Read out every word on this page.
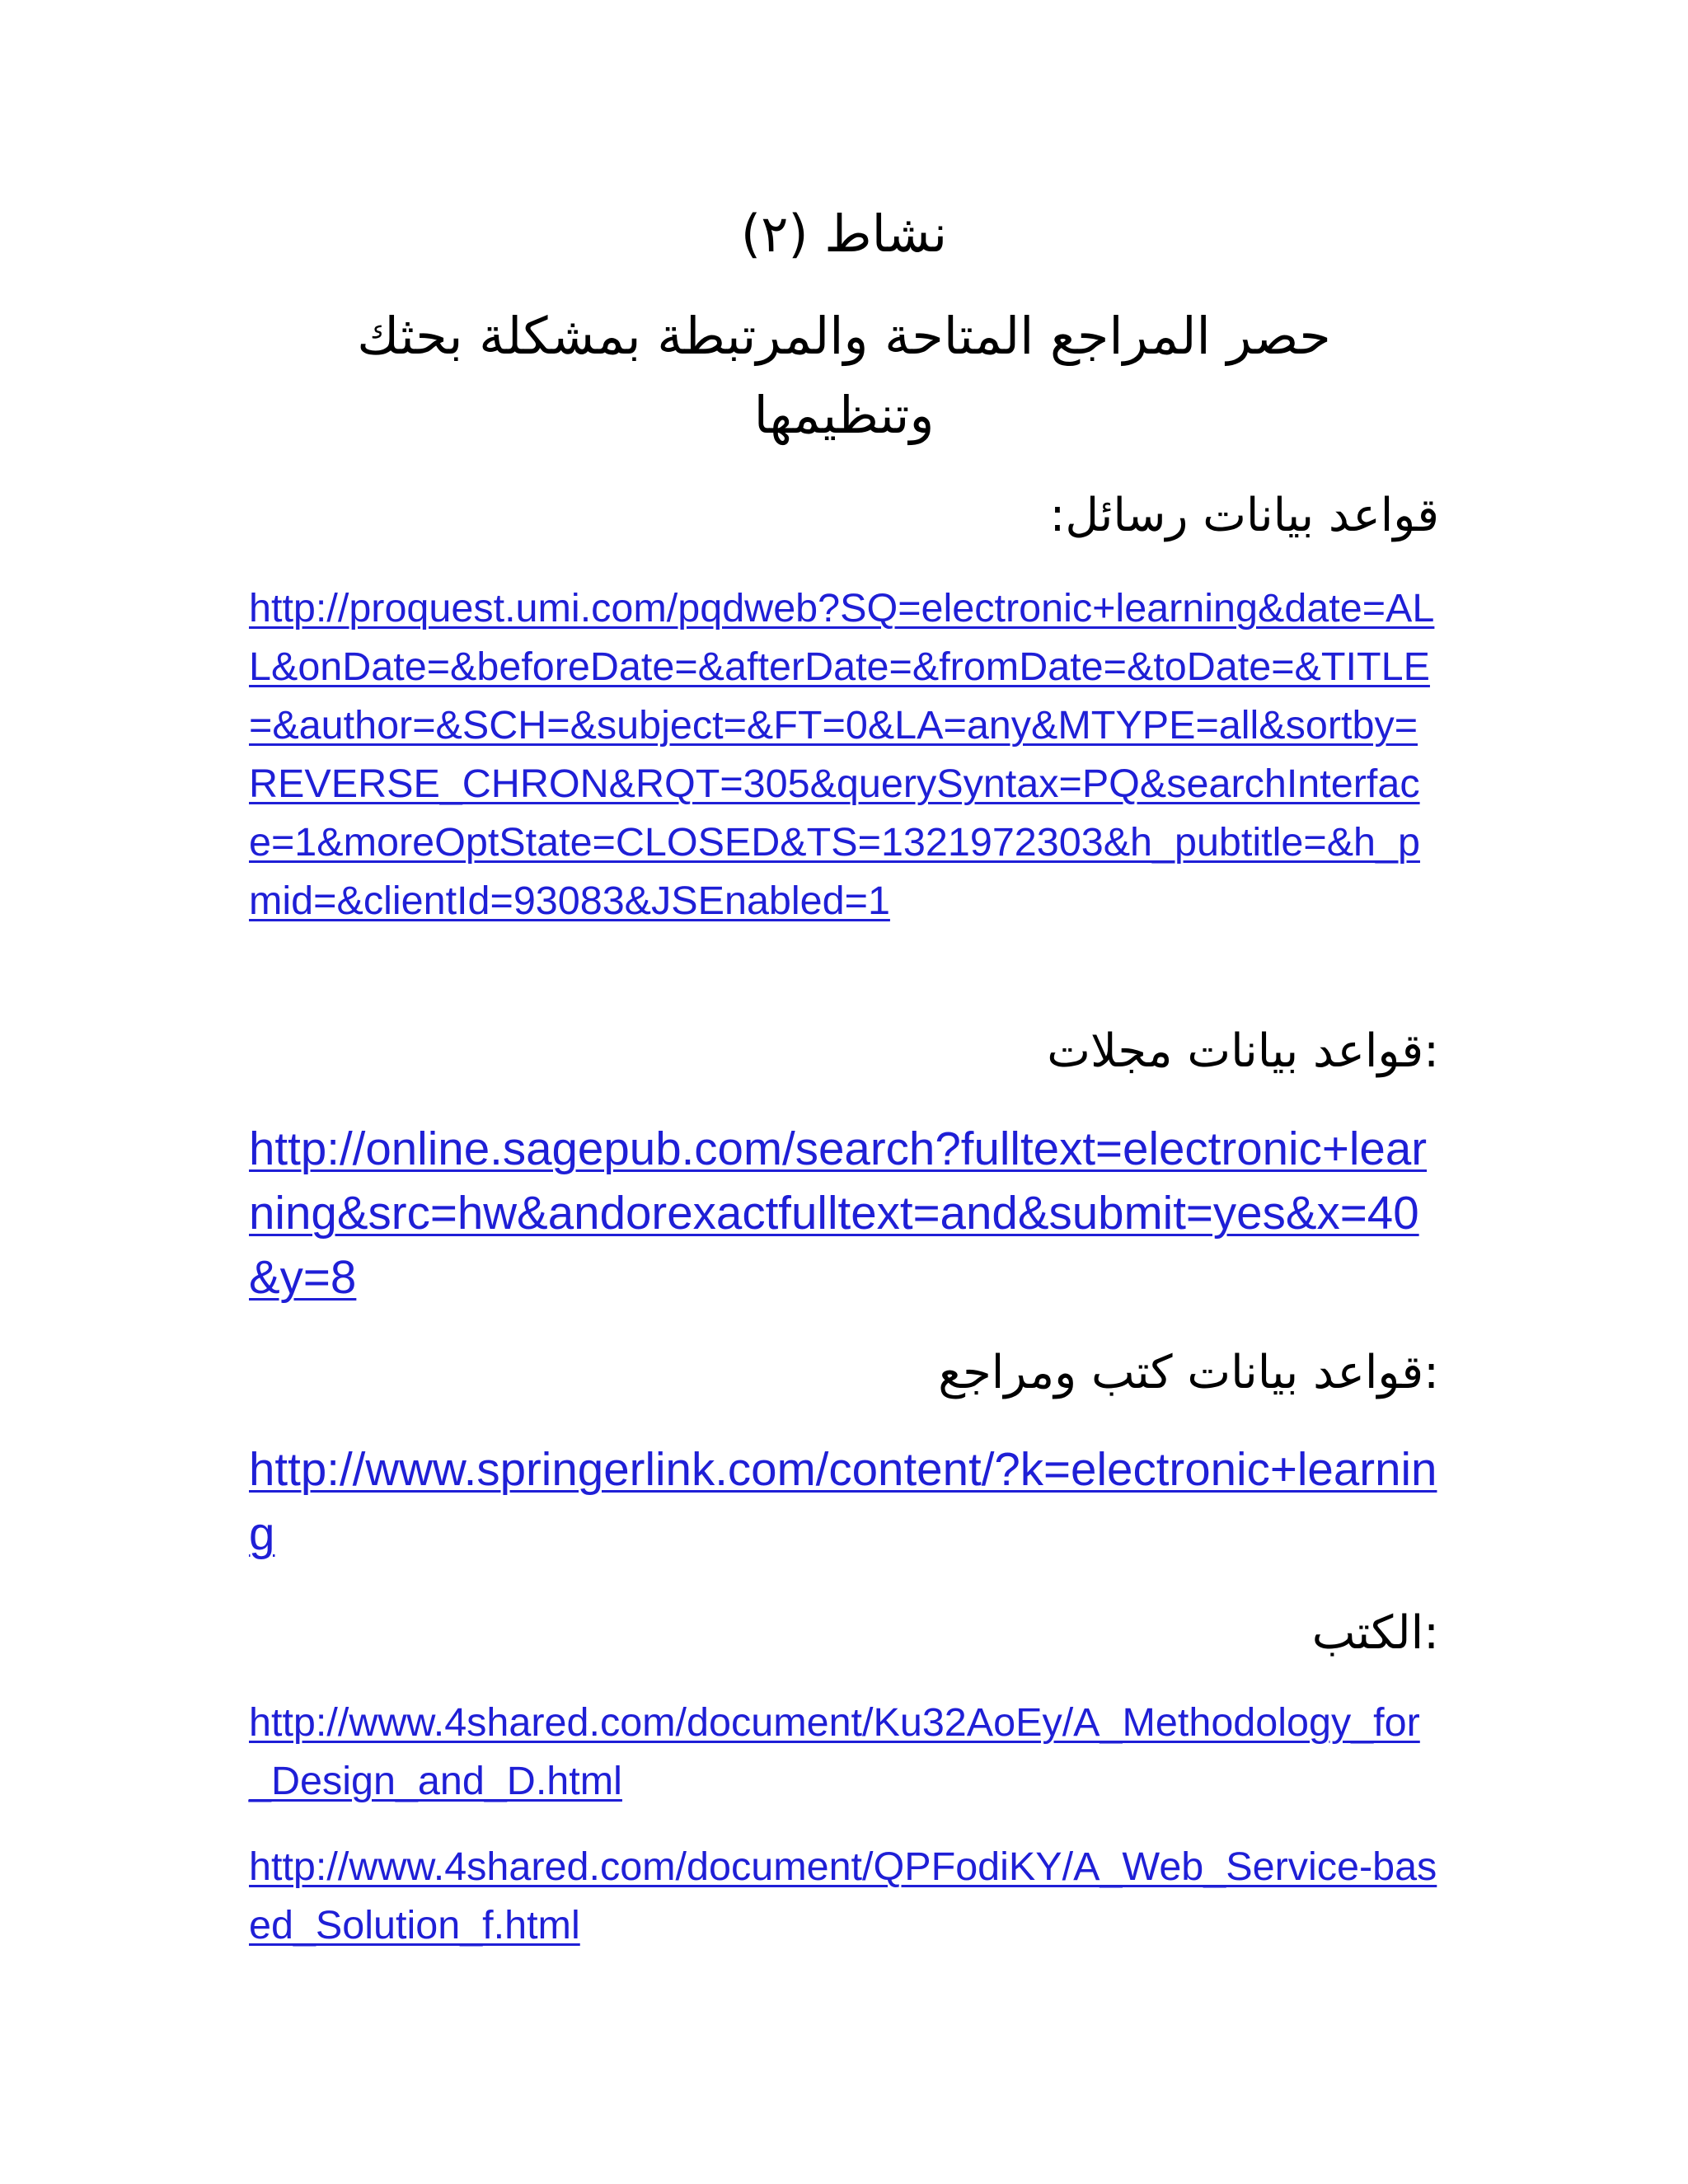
نشاط (٢)
حصر المراجع المتاحة والمرتبطة بمشكلة بحثك
وتنظيمها
قواعد بيانات رسائل:
http://proquest.umi.com/pqdweb?SQ=electronic+learning&date=ALL&onDate=&beforeDate=&afterDate=&fromDate=&toDate=&TITLE=&author=&SCH=&subject=&FT=0&LA=any&MTYPE=all&sortby=REVERSE_CHRON&RQT=305&querySyntax=PQ&searchInterface=1&moreOptState=CLOSED&TS=1321972303&h_pubtitle=&h_pmid=&clientId=93083&JSEnabled=1
:قواعد بيانات مجلات
http://online.sagepub.com/search?fulltext=electronic+learning&src=hw&andorexactfulltext=and&submit=yes&x=40&y=8
:قواعد بيانات كتب ومراجع
http://www.springerlink.com/content/?k=electronic+learning
:الكتب
http://www.4shared.com/document/Ku32AoEy/A_Methodology_for_Design_and_D.html
http://www.4shared.com/document/QPFodiKY/A_Web_Service-based_Solution_f.html
